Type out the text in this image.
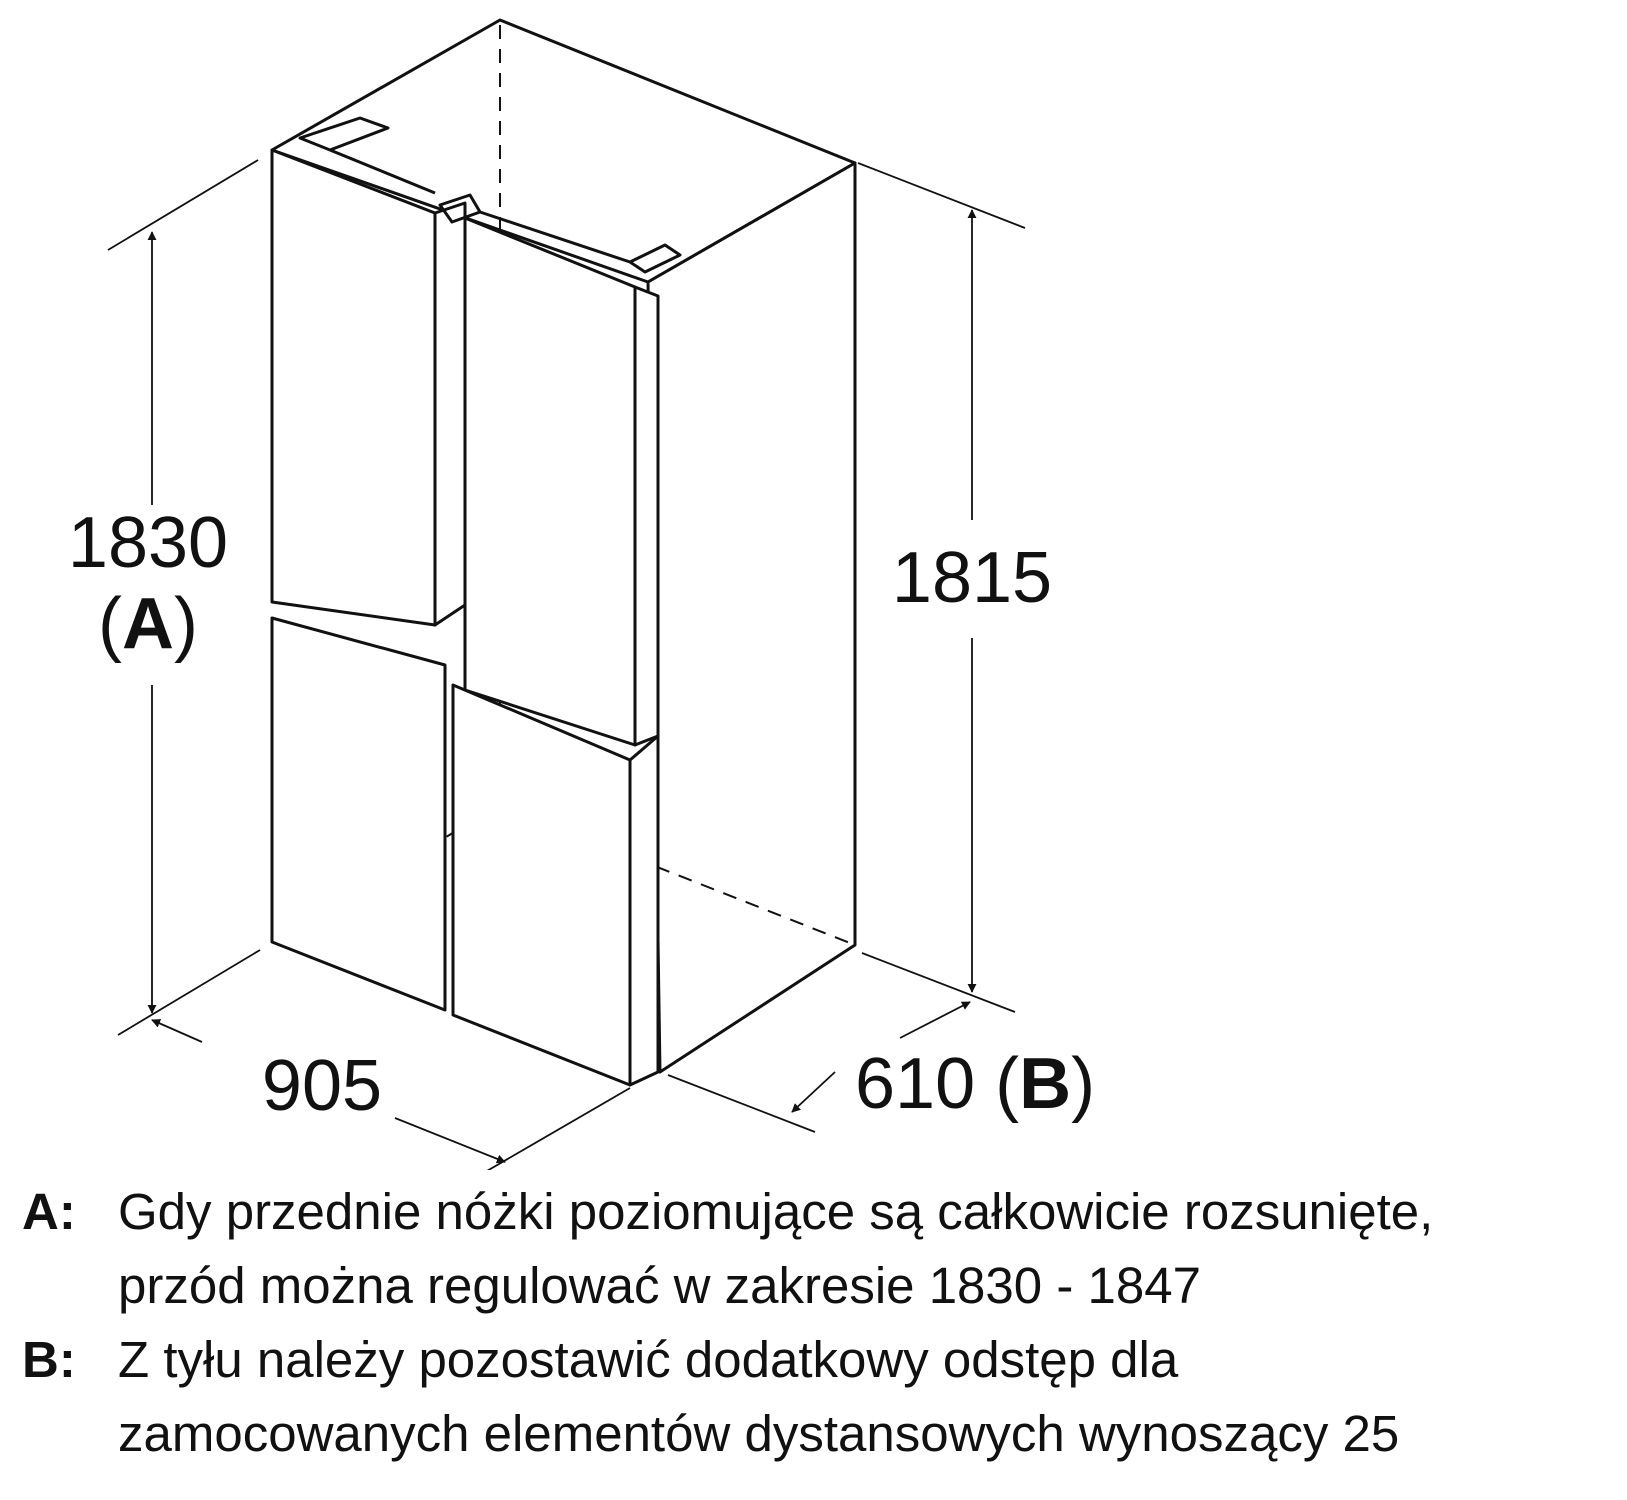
1830
(A)
1815
905	610 (B)
A: Gdy przednie nóżki poziomujące są całkowicie rozsunięte,
przód można regulować w zakresie 1830 - 1847
B: Z tyłu należy pozostawić dodatkowy odstęp dla
zamocowanych elementów dystansowych wynoszący 25
